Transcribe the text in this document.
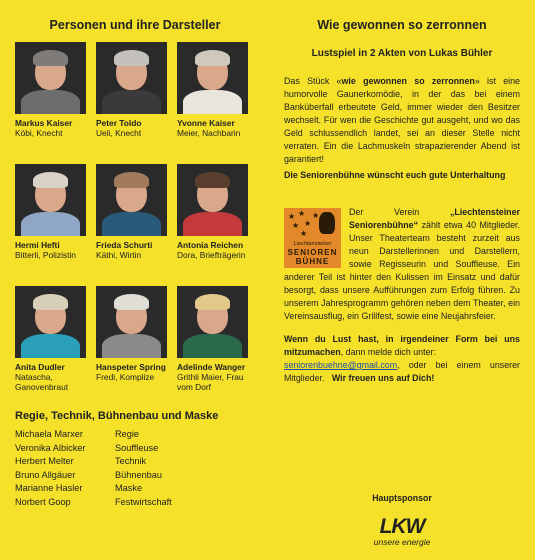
Personen und ihre Darsteller
Markus Kaiser
Köbi, Knecht
Peter Toldo
Ueli, Knecht
Yvonne Kaiser
Meier, Nachbarin
Hermi Hefti
Bitterli, Polizistin
Frieda Schurti
Käthi, Wirtin
Antonia Reichen
Dora, Briefträgerin
Anita Dudler
Natascha, Ganovenbraut
Hanspeter Spring
Fredi, Komplize
Adelinde Wanger
Grithli Maier, Frau vom Dorf
Regie, Technik, Bühnenbau und Maske
Michaela Marxer	Regie
Veronika Albicker	Souffleuse
Herbert Melter	Technik
Bruno Allgäuer	Bühnenbau
Marianne Hasler	Maske
Norbert Goop	Festwirtschaft
Wie gewonnen so zerronnen
Lustspiel in 2 Akten von Lukas Bühler

Das Stück «wie gewonnen so zerronnen» ist eine humorvolle Gaunerkomödie, in der das bei einem Banküberfall erbeutete Geld, immer wieder den Besitzer wechselt. Für wen die Geschichte gut ausgeht, und wo das Geld schlussendlich landet, sei an dieser Stelle nicht verraten. Ein die Lachmuskeln strapazierender Abend ist garantiert!

Die Seniorenbühne wünscht euch gute Unterhaltung

★ ★
★ ★
★
★
Liechtensteiner
SENIOREN
BÜHNE

Der Verein „Liechtensteiner Seniorenbühne“ zählt etwa 40 Mitglieder. Unser Theaterteam besteht zurzeit aus neun Darstellerinnen und Darstellern, sowie Regisseurin und Souffleuse. Ein anderer Teil ist hinter den Kulissen im Einsatz und dafür besorgt, dass unsere Aufführungen zum Erfolg führen. Zu unserem Jahresprogramm gehören neben dem Theater, ein Vereinsausflug, ein Grillfest, sowie eine Neujahrsfeier.

Wenn du Lust hast, in irgendeiner Form bei uns mitzumachen, dann melde dich unter:
seniorenbuehne@gmail.com, oder bei einem unserer Mitglieder. Wir freuen uns auf Dich!

Hauptsponsor
LKW
unsere energie
